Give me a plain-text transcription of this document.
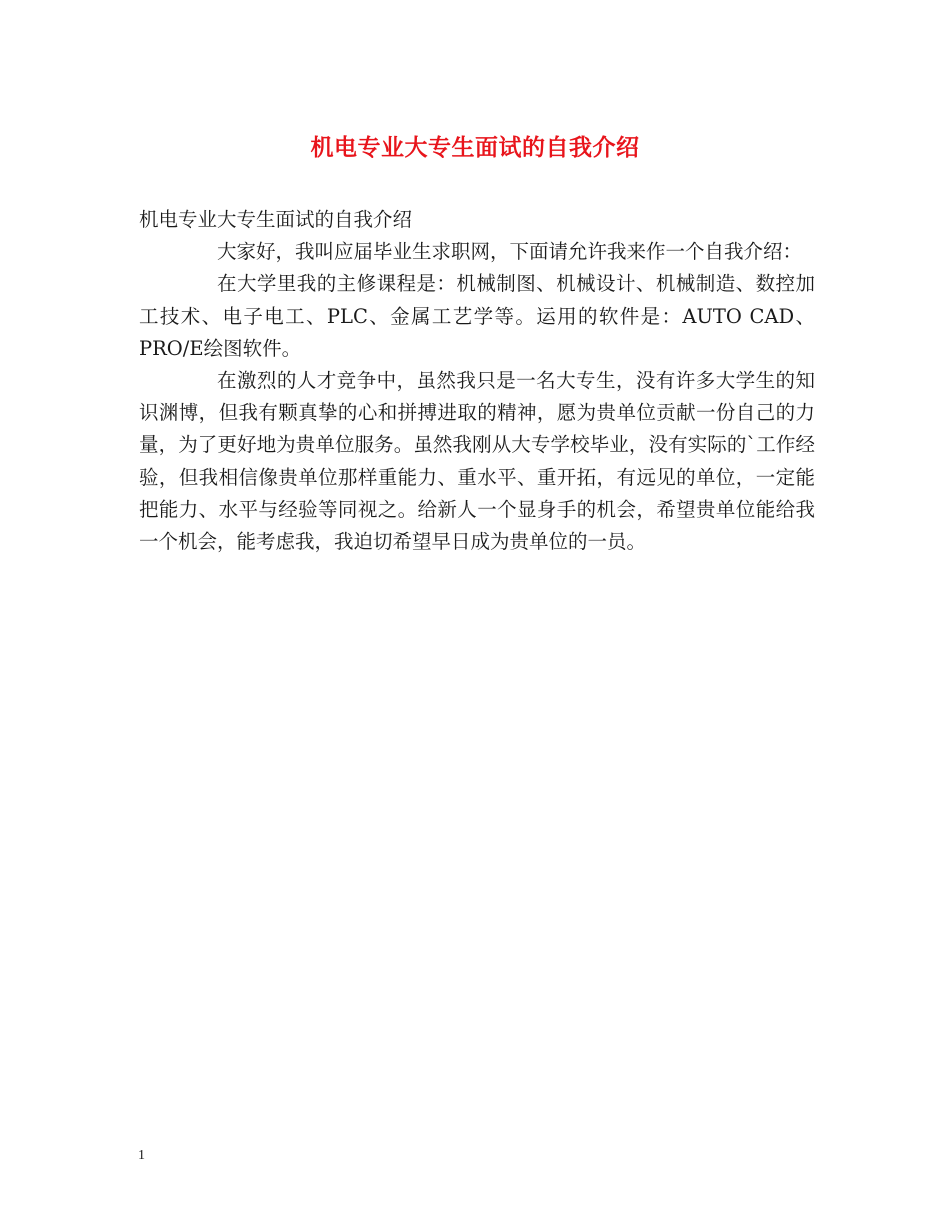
机电专业大专生面试的自我介绍

机电专业大专生面试的自我介绍

大家好，我叫应届毕业生求职网，下面请允许我来作一个自我介绍：

在大学里我的主修课程是：机械制图、机械设计、机械制造、数控加工技术、电子电工、PLC、金属工艺学等。运用的软件是：AUTO CAD、PRO/E绘图软件。

在激烈的人才竞争中，虽然我只是一名大专生，没有许多大学生的知识渊博，但我有颗真挚的心和拼搏进取的精神，愿为贵单位贡献一份自己的力量，为了更好地为贵单位服务。虽然我刚从大专学校毕业，没有实际的`工作经验，但我相信像贵单位那样重能力、重水平、重开拓，有远见的单位，一定能把能力、水平与经验等同视之。给新人一个显身手的机会，希望贵单位能给我一个机会，能考虑我，我迫切希望早日成为贵单位的一员。

1
